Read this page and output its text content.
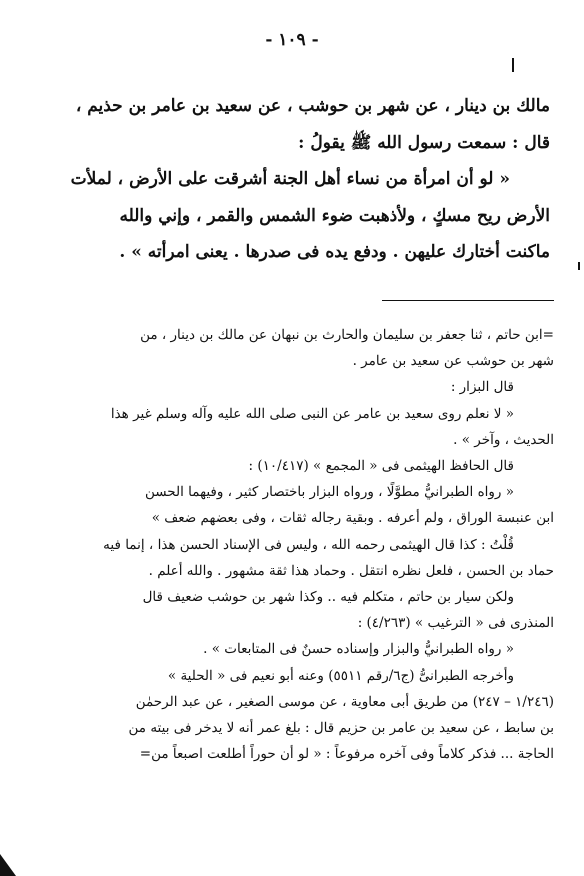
- ١٠٩ -

مالك بن دينار ، عن شهر بن حوشب ، عن سعيد بن عامر بن حذيم ،

قال : سمعت رسول الله ﷺ يقولُ :

« لو أن امرأة من نساء أهل الجنة أشرقت على الأرض ، لملأت

الأرض ريح مسكٍ ، ولأذهبت ضوء الشمس والقمر ، وإني والله

ماكنت أختارك عليهن . ودفع يده فى صدرها . يعنى امرأته » .

=ابن حاتم ، ثنا جعفر بن سليمان والحارث بن نبهان عن مالك بن دينار ، من

شهر بن حوشب عن سعيد بن عامر .

قال البزار :

« لا نعلم روى سعيد بن عامر عن النبى صلى الله عليه وآله وسلم غير هذا

الحديث ، وآخر » .

قال الحافظ الهيثمى فى « المجمع » (١٠/٤١٧) :

« رواه الطبرانيُّ مطوَّلًا ، ورواه البزار باختصار كثير ، وفيهما الحسن

ابن عنبسة الوراق ، ولم أعرفه . وبقية رجاله ثقات ، وفى بعضهم ضعف »

قُلْتُ : كذا قال الهيثمى رحمه الله ، وليس فى الإسناد الحسن هذا ، إنما فيه

حماد بن الحسن ، فلعل نظره انتقل . وحماد هذا ثقة مشهور . والله أعلم .

ولكن سيار بن حاتم ، متكلم فيه .. وكذا شهر بن حوشب ضعيف قال

المنذرى فى « الترغيب » (٤/٢٦٣) :

« رواه الطبرانيُّ والبزار وإسناده حسنٌ فى المتابعات » .

وأخرجه الطبرانىُّ (ج٦/رقم ٥٥١١) وعنه أبو نعيم فى « الحلية »

(١/٢٤٦ – ٢٤٧) من طريق أبى معاوية ، عن موسى الصغير ، عن عبد الرحمٰن

بن سابط ، عن سعيد بن عامر بن حزيم قال : بلغ عمر أنه لا يدخر فى بيته من

الحاجة ... فذكر كلاماً وفى آخره مرفوعاً : « لو أن حوراً أطلعت اصبعاً من=
